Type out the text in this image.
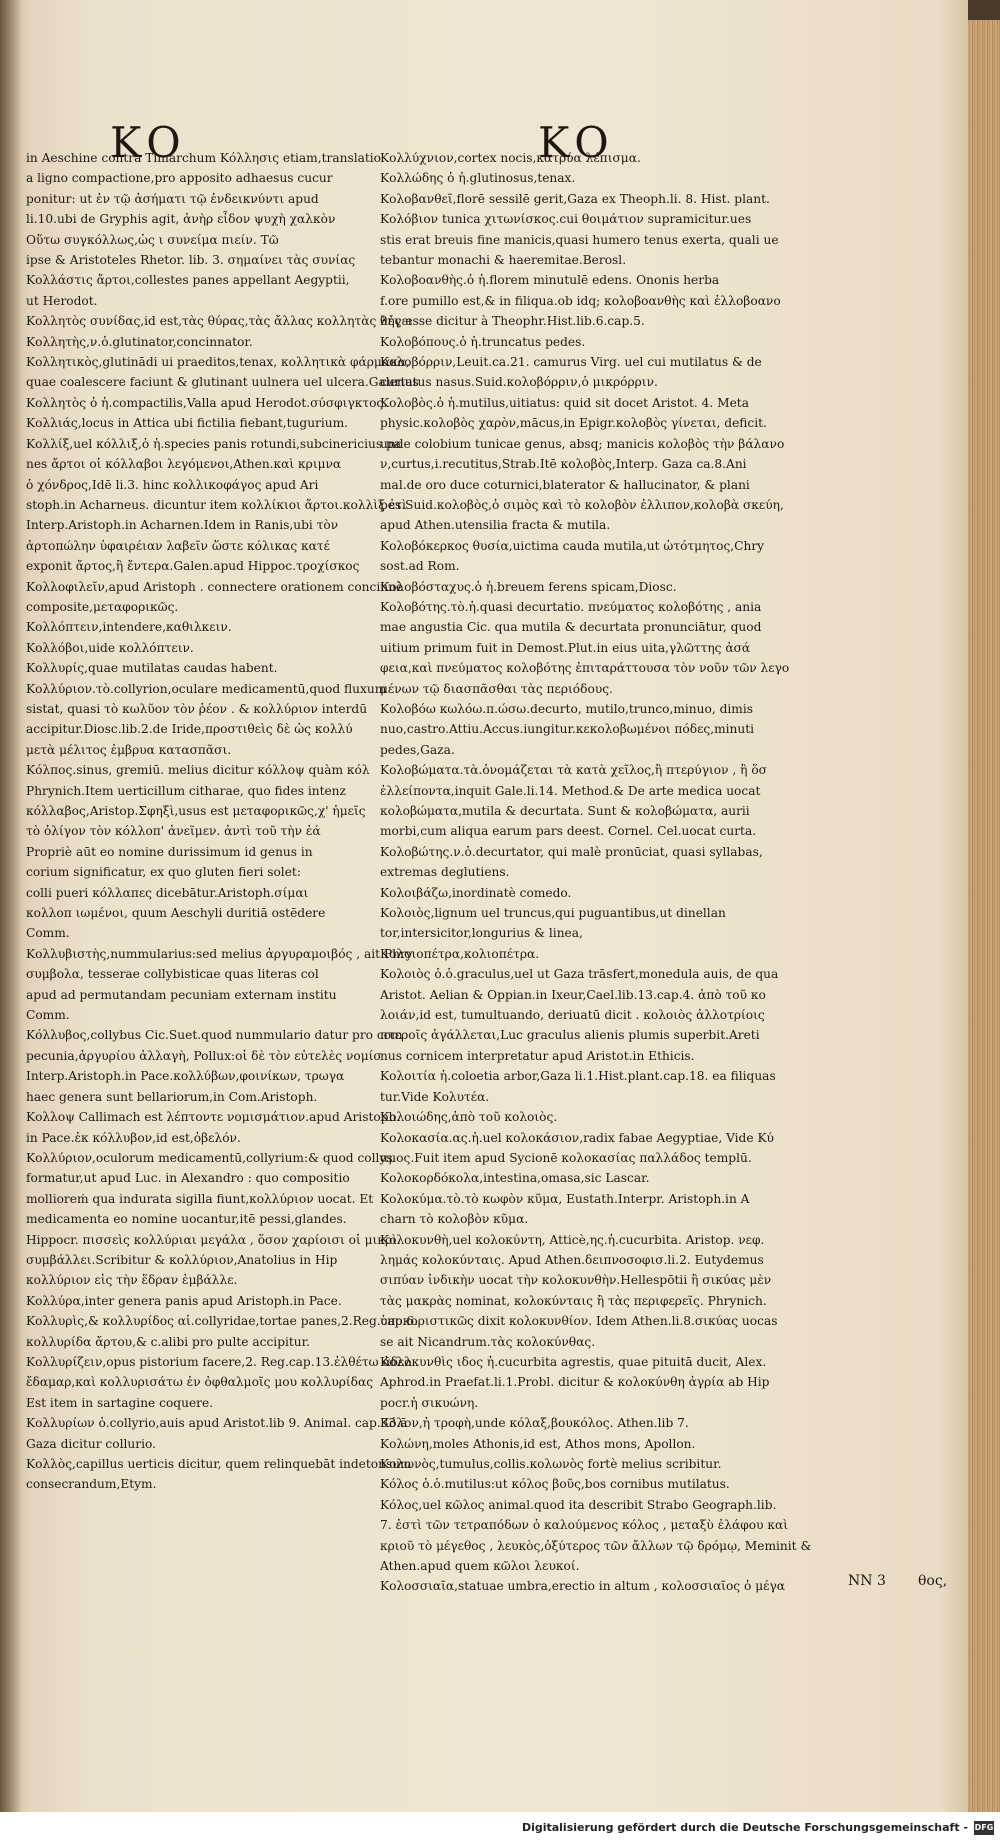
KO	KO

in Aeschine contra Timarchum Κόλλησις etiam,translatio

a ligno compactione,pro apposito adhaesus cucur

ponitur: ut ἐν τῷ ἀσήματι τῷ ἐνδεικνύντι apud

li.10.ubi de Gryphis agit, ἀνὴρ εἶδον ψυχὴ χαλκὸν

Οὕτω συγκόλλως,ὡς ι συνείμα πιείν. Τῶ

ipse & Aristoteles Rhetor. lib. 3. σημαίνει τὰς συνίας

Κολλάστις ἄρτοι,collestes panes appellant Aegyptii,

ut Herodot.

Κολλητὸς συνίδας,id est,τὰς θύρας,τὰς ἄλλας κολλητὰς λέγει

Κολλητὴς,ν.ὁ.glutinator,concinnator.

Κολλητικὸς,glutinādi ui praeditos,tenax, κολλητικὰ φάρμακα,

quae coalescere faciunt & glutinant uulnera uel ulcera.Galenus

Κολλητὸς ὁ ἡ.compactilis,Valla apud Herodot.σύσφιγκτος.

Κολλιάς,locus in Attica ubi fictilia fiebant,tugurium.

Κολλίξ,uel κόλλιξ,ὁ ἡ.species panis rotundi,subcinericius pa

nes ἄρτοι οἱ κόλλαβοι λεγόμενοι,Athen.καὶ κριμνα

ὁ χόνδρος,Idē li.3. hinc κολλικοφάγος apud Ari

stoph.in Acharneus. dicuntur item κολλίκιοι ἄρτοι.κολλὶξ ἐτὶ

Interp.Aristoph.in Acharnen.Idem in Ranis,ubi τὸν

ἀρτοπώλην ὑφαιρέιαν λαβεῖν ὥστε κόλικας κατέ

exponit ἄρτος,ἢ ἔντερα.Galen.apud Hippoc.τροχίσκος

Κολλοφιλεῖν,apud Aristoph . connectere orationem concinnè

composite,μεταφορικῶς.

Κολλόπτειν,intendere,καθιλκειν.

Κολλόβοι,uide κολλόπτειν.

Κολλυρίς,quae mutilatas caudas habent.

Κολλύριον.τὸ.collyrion,oculare medicamentū,quod fluxum

sistat, quasi τὸ κωλῦον τὸν ῥέον . & κολλύριον interdū

accipitur.Diosc.lib.2.de Iride,προστιθεὶς δὲ ὡς κολλύ

μετὰ μέλιτος ἐμβρυα κατασπᾶσι.

Κόλπος.sinus, gremiū. melius dicitur κόλλοψ quàm κόλ

Phrynich.Item uerticillum citharae, quo fides intenz

κόλλαβος,Aristop.Σφηξὶ,usus est μεταφορικῶς,χ' ἡμεῖς

τὸ ὀλίγον τὸν κόλλοπ' ἀνεῖμεν. ἀντὶ τοῦ τὴν ἐά

Propriè aūt eo nomine durissimum id genus in

corium significatur, ex quo gluten fieri solet:

colli pueri κόλλαπες dicebātur.Aristoph.σίμαι

κολλοπ ιωμένοι, quum Aeschyli duritiā ostēdere

Comm.

Κολλυβιστὴς,nummularius:sed melius ἀργυραμοιβός , ait Phry

συμβολα, tesserae collybisticae quas literas col

apud ad permutandam pecuniam externam institu

Comm.

Κόλλυβος,collybus Cic.Suet.quod nummulario datur pro com

pecunia,ἀργυρίου ἀλλαγὴ, Pollux:οἱ δὲ τὸν εὐτελὲς νομίσ

Interp.Aristoph.in Pace.κολλύβων,φοινίκων, τρωγα

haec genera sunt bellariorum,in Com.Aristoph.

Κολλοψ Callimach est λέπτοντε νομισμάτιον.apud Aristoph.

in Pace.ἐκ κόλλυβον,id est,ὀβελόν.

Κολλύριον,oculorum medicamentū,collyrium:& quod collys

formatur,ut apud Luc. in Alexandro : quo compositio

mollioreṁ qua indurata sigilla fiunt,κολλύριον uocat. Et

medicamenta eo nomine uocantur,itē pessi,glandes.

Hippocr. πισσεὶς κολλύριαι μεγάλα , ὅσον χαρίοισι οἱ μικρὶ

συμβάλλει.Scribitur & κολλύριον,Anatolius in Hip

κολλύριον εἰς τὴν ἕδραν ἐμβάλλε.

Κολλύρα,inter genera panis apud Aristoph.in Pace.

Κολλυρὶς,& κολλυρίδος αἱ.collyridae,tortae panes,2.Reg.cap.6.

κολλυρίδα ἄρτου,& c.alibi pro pulte accipitur.

Κολλυρίζειν,opus pistorium facere,2. Reg.cap.13.ἐλθέτω ἀδελ

ἔδαμαρ,καὶ κολλυρισάτω ἐν ὀφθαλμοῖς μου κολλυρίδας

Est item in sartagine coquere.

Κολλυρίων ὁ.collyrio,auis apud Aristot.lib 9. Animal. cap.33.ā

Gaza dicitur collurio.

Κολλὸς,capillus uerticis dicitur, quem relinquebāt indetonsum

consecrandum,Etym.

Κολλύχνιον,cortex nocis,κατρύα λέπισμα.

Κολλώδης ὁ ἡ.glutinosus,tenax.

Κολοβανθεῖ,florē sessilē gerit,Gaza ex Theoph.li. 8. Hist. plant.

Κολόβιον tunica χιτωνίσκος.cui θοιμάτιον supramicitur.ues

stis erat breuis fine manicis,quasi humero tenus exerta, quali ue

tebantur monachi & haeremitae.Berosl.

Κολοβοανθὴς.ὁ ἡ.florem minutulē edens. Ononis herba

f.ore pumillo est,& in filiqua.ob idq; κολοβοανθὴς καὶ ἐλλοβοανο

θὴς esse dicitur à Theophr.Hist.lib.6.cap.5.

Κολοβόπους.ὁ ἡ.truncatus pedes.

Κολοβόρριν,Leuit.ca.21. camurus Virg. uel cui mutilatus & de

curtatus nasus.Suid.κολοβόρριν,ὁ μικρόρριν.

Κολοβὸς.ὁ ἡ.mutilus,uitiatus: quid sit docet Aristot. 4. Meta

physic.κολοβὸς χαρὸν,mācus,in Epigr.κολοβὸς γίνεται, deficit.

unde colobium tunicae genus, absq; manicis κολοβὸς τὴν βάλανο

ν,curtus,i.recutitus,Strab.Itē κολοβὸς,Interp. Gaza ca.8.Ani

mal.de oro duce coturnici,blaterator & hallucinator, & plani

pes.Suid.κολοβὸς,ὁ σιμὸς καὶ τὸ κολοβὸν ἐλλιπον,κολοβὰ σκεύη,

apud Athen.utensilia fracta & mutila.

Κολοβόκερκος θυσία,uictima cauda mutila,ut ὠτότμητος,Chry

sost.ad Rom.

Κολοβόσταχυς.ὁ ἡ.breuem ferens spicam,Diosc.

Κολοβότης.τὸ.ἡ.quasi decurtatio. πνεύματος κολοβότης , ania

mae angustia Cic. qua mutila & decurtata pronunciātur, quod

uitium primum fuit in Demost.Plut.in eius uita,γλῶττης ἀσά

φεια,καὶ πνεύματος κολοβότης ἐπιταράττουσα τὸν νοῦν τῶν λεγο

μένων τῷ διασπᾶσθαι τὰς περιόδους.

Κολοβόω κωλόω.π.ώσω.decurto, mutilo,trunco,minuo, dimis

nuo,castro.Attiu.Accus.iungitur.κεκολοβωμένοι πόδες,minuti

pedes,Gaza.

Κολοβώματα.τὰ.ὀνομάζεται τὰ κατὰ χεῖλος,ἢ πτερύγιον , ἢ ὅσ

ἐλλείποντα,inquit Gale.li.14. Method.& De arte medica uocat

κολοβώματα,mutila & decurtata. Sunt & κολοβώματα, aurii

morbi,cum aliqua earum pars deest. Cornel. Cel.uocat curta.

Κολοβώτης.ν.ὁ.decurtator, qui malè pronūciat, quasi syllabas,

extremas deglutiens.

Κολοιβάζω,inordinatè comedo.

Κολοιὸς,lignum uel truncus,qui puguantibus,ut dinellan

tor,intersicitor,longurius & linea,

Κολοιοπέτρα,κολιοπέτρα.

Κολοιὸς ὁ.ὁ.graculus,uel ut Gaza trāsfert,monedula auis, de qua

Aristot. Aelian & Oppian.in Ixeur,Cael.lib.13.cap.4. ἀπὸ τοῦ κο

λοιάν,id est, tumultuando, deriuatū dicit . κολοιὸς ἀλλοτρίοις

πτεροῖς ἀγάλλεται,Luc graculus alienis plumis superbit.Areti

nus cornicem interpretatur apud Aristot.in Ethicis.

Κολοιτία ἡ.coloetia arbor,Gaza li.1.Hist.plant.cap.18. ea filiquas

tur.Vide Κολυτέα.

Κολοιώδης,ἀπὸ τοῦ κολοιὸς.

Κολοκασία.ας.ἡ.uel κολοκάσιον,radix fabae Aegyptiae, Vide Κύ

αμος.Fuit item apud Sycionē κολοκασίας παλλάδος templū.

Κολοκορδόκολα,intestina,omasa,sic Lascar.

Κολοκύμα.τὸ.τὸ κωφὸν κῦμα, Eustath.Interpr. Aristoph.in A

charn τὸ κολοβὸν κῦμα.

Κολοκυνθὴ,uel κολοκύντη, Atticè,ης.ἡ.cucurbita. Aristop. νεφ.

λημάς κολοκύνταις. Apud Athen.δειπνοσοφισ.li.2. Eutydemus

σιπύαν ἰνδικὴν uocat τὴν κολοκυνθὴν.Hellespōtii ἢ σικύας μὲν

τὰς μακρὰς nominat, κολοκύνταις ἢ τὰς περιφερεῖς. Phrynich.

ὑποκοριστικῶς dixit κολοκυνθίον. Idem Athen.li.8.σικύας uocas

se ait Nicandrum.τὰς κολοκύνθας.

Κολοκυνθὶς ιδος ἡ.cucurbita agrestis, quae pituitā ducit, Alex.

Aphrod.in Praefat.li.1.Probl. dicitur & κολοκύνθη ἀγρία ab Hip

pocr.ἡ σικυώνη.

Κόλον,ἡ τροφὴ,unde κόλαξ,βουκόλος. Athen.lib 7.

Κολώνη,moles Athonis,id est, Athos mons, Apollon.

Κολωνὸς,tumulus,collis.κολωνὸς fortè melius scribitur.

Κόλος ὁ.ὁ.mutilus:ut κόλος βοῦς,bos cornibus mutilatus.

Κόλος,uel κῶλος animal.quod ita describit Strabo Geograph.lib.

7. ἐστὶ τῶν τετραπόδων ὁ καλούμενος κόλος , μεταξὺ ἐλάφου καὶ

κριοῦ τὸ μέγεθος , λευκὸς,ὀξύτερος τῶν ἄλλων τῷ δρόμῳ, Meminit &

Athen.apud quem κῶλοι λευκοί.

Κολοσσιαῖα,statuae umbra,erectio in altum , κολοσσιαῖος ὁ μέγα	NN 3 θος,
Digitalisierung gefördert durch die Deutsche Forschungsgemeinschaft - DFG
